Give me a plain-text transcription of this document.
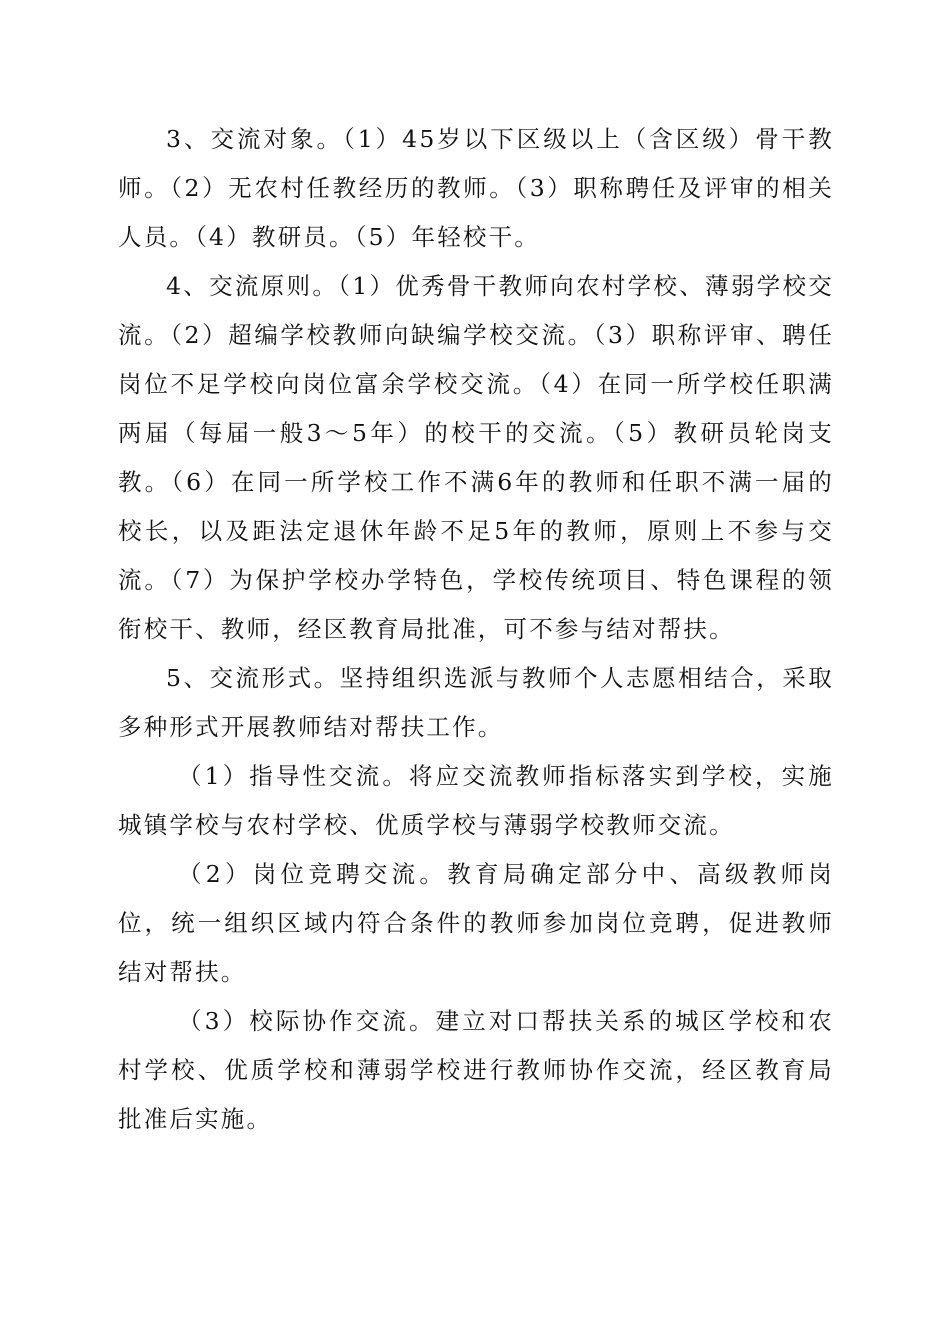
3、交流对象。（1）45岁以下区级以上（含区级）骨干教师。（2）无农村任教经历的教师。（3）职称聘任及评审的相关人员。（4）教研员。（5）年轻校干。

4、交流原则。（1）优秀骨干教师向农村学校、薄弱学校交流。（2）超编学校教师向缺编学校交流。（3）职称评审、聘任岗位不足学校向岗位富余学校交流。（4）在同一所学校任职满两届（每届一般3～5年）的校干的交流。（5）教研员轮岗支教。（6）在同一所学校工作不满6年的教师和任职不满一届的校长，以及距法定退休年龄不足5年的教师，原则上不参与交流。（7）为保护学校办学特色，学校传统项目、特色课程的领衔校干、教师，经区教育局批准，可不参与结对帮扶。

5、交流形式。坚持组织选派与教师个人志愿相结合，采取多种形式开展教师结对帮扶工作。

（1）指导性交流。将应交流教师指标落实到学校，实施城镇学校与农村学校、优质学校与薄弱学校教师交流。

（2）岗位竞聘交流。教育局确定部分中、高级教师岗位，统一组织区域内符合条件的教师参加岗位竞聘，促进教师结对帮扶。

（3）校际协作交流。建立对口帮扶关系的城区学校和农村学校、优质学校和薄弱学校进行教师协作交流，经区教育局批准后实施。
